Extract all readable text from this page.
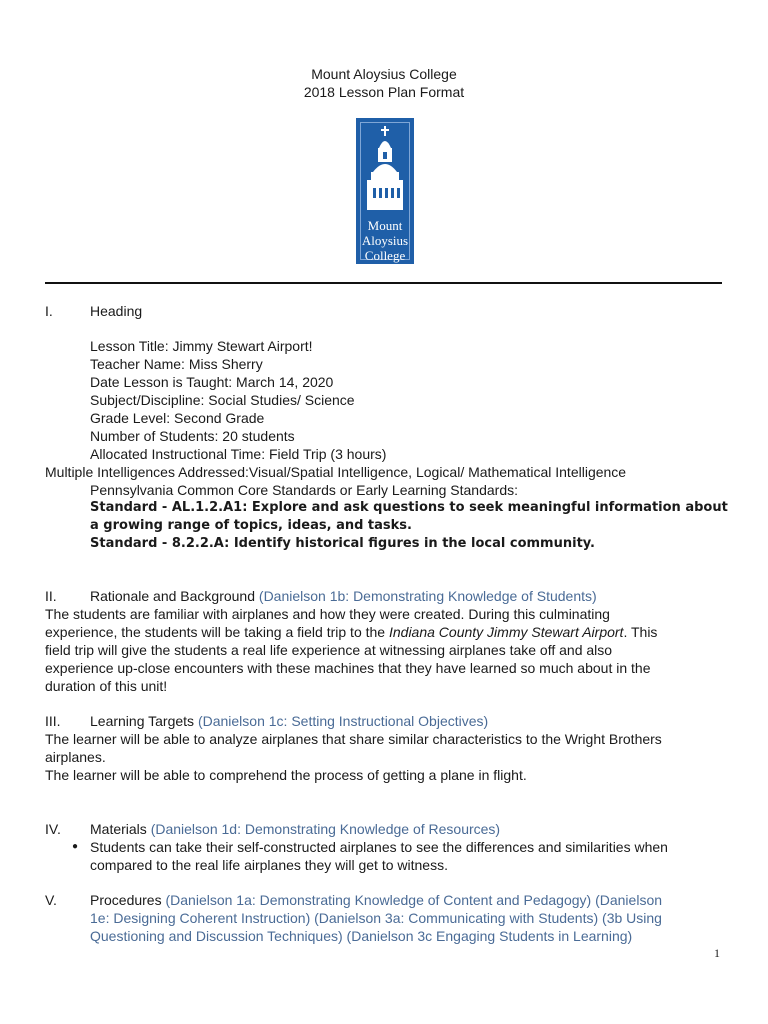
Mount Aloysius College
2018 Lesson Plan Format
Mount
Aloysius
College
I.	Heading
Lesson Title: Jimmy Stewart Airport!
Teacher Name: Miss Sherry
Date Lesson is Taught: March 14, 2020
Subject/Discipline: Social Studies/ Science
Grade Level: Second Grade
Number of Students: 20 students
Allocated Instructional Time: Field Trip (3 hours)
Multiple Intelligences Addressed:Visual/Spatial Intelligence, Logical/ Mathematical Intelligence
Pennsylvania Common Core Standards or Early Learning Standards:
Standard - AL.1.2.A1: Explore and ask questions to seek meaningful information about
a growing range of topics, ideas, and tasks.
Standard - 8.2.2.A: Identify historical figures in the local community.
II. Rationale and Background (Danielson 1b: Demonstrating Knowledge of Students)
The students are familiar with airplanes and how they were created. During this culminating
experience, the students will be taking a field trip to the Indiana County Jimmy Stewart Airport. This
field trip will give the students a real life experience at witnessing airplanes take off and also
experience up-close encounters with these machines that they have learned so much about in the
duration of this unit!
III. Learning Targets (Danielson 1c: Setting Instructional Objectives)
The learner will be able to analyze airplanes that share similar characteristics to the Wright Brothers
airplanes.
The learner will be able to comprehend the process of getting a plane in flight.
IV. Materials (Danielson 1d: Demonstrating Knowledge of Resources)
● Students can take their self-constructed airplanes to see the differences and similarities when
compared to the real life airplanes they will get to witness.
V. Procedures (Danielson 1a: Demonstrating Knowledge of Content and Pedagogy) (Danielson
1e: Designing Coherent Instruction) (Danielson 3a: Communicating with Students) (3b Using
Questioning and Discussion Techniques) (Danielson 3c Engaging Students in Learning)
1
